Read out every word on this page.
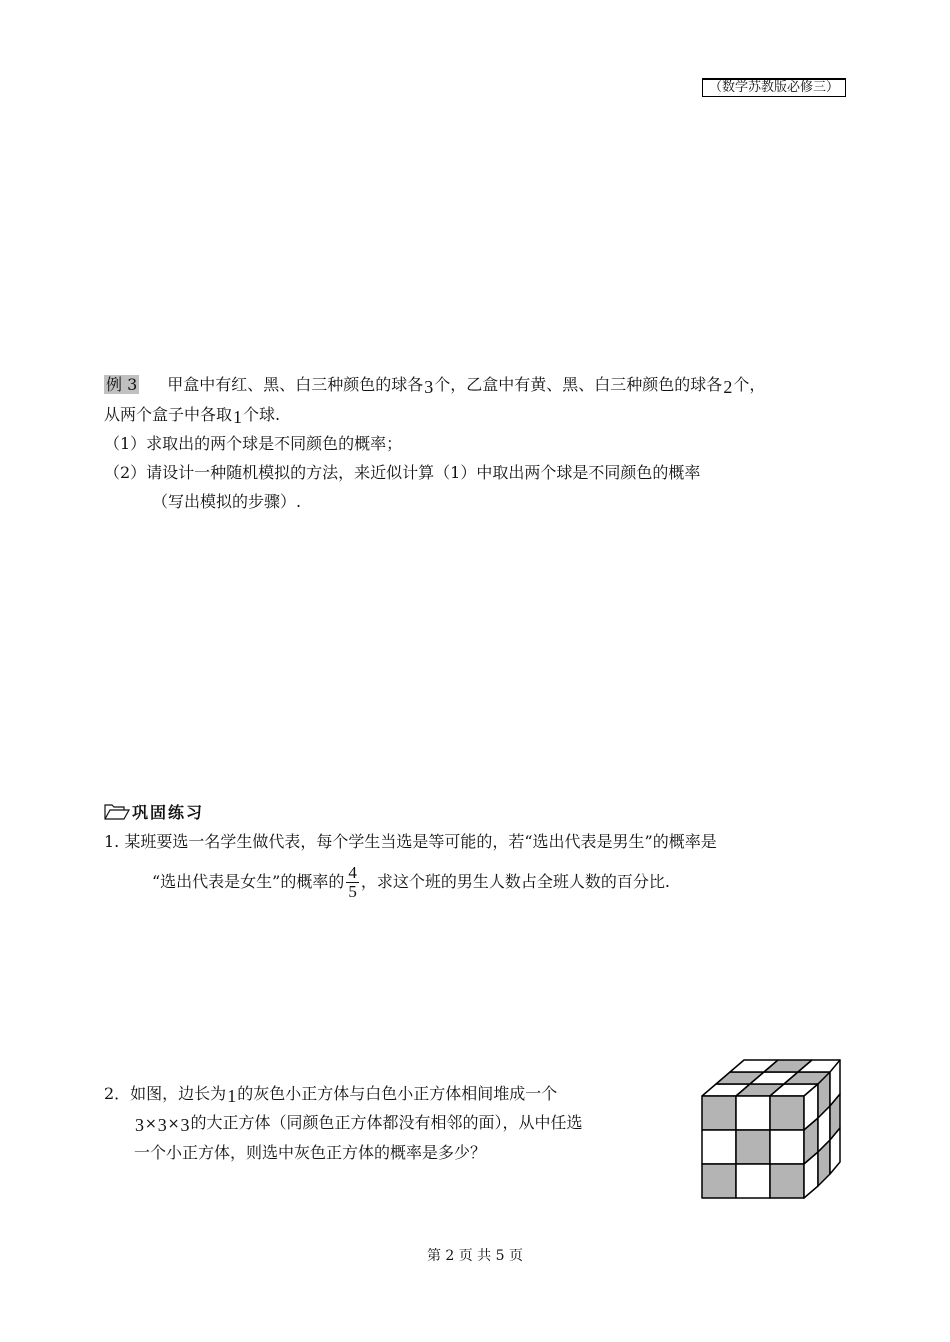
（数学苏教版必修三）
例 3 甲盒中有红、黑、白三种颜色的球各3个，乙盒中有黄、黑、白三种颜色的球各2个，
从两个盒子中各取1个球.
（1）求取出的两个球是不同颜色的概率；
（2）请设计一种随机模拟的方法，来近似计算（1）中取出两个球是不同颜色的概率
（写出模拟的步骤）.
巩固练习
1. 某班要选一名学生做代表，每个学生当选是等可能的，若“选出代表是男生”的概率是
“选出代表是女生”的概率的 $\frac{4}{5}$ ，求这个班的男生人数占全班人数的百分比.
2．如图，边长为1的灰色小正方体与白色小正方体相间堆成一个
3×3×3的大正方体（同颜色正方体都没有相邻的面），从中任选
一个小正方体，则选中灰色正方体的概率是多少？
第 2 页 共 5 页
